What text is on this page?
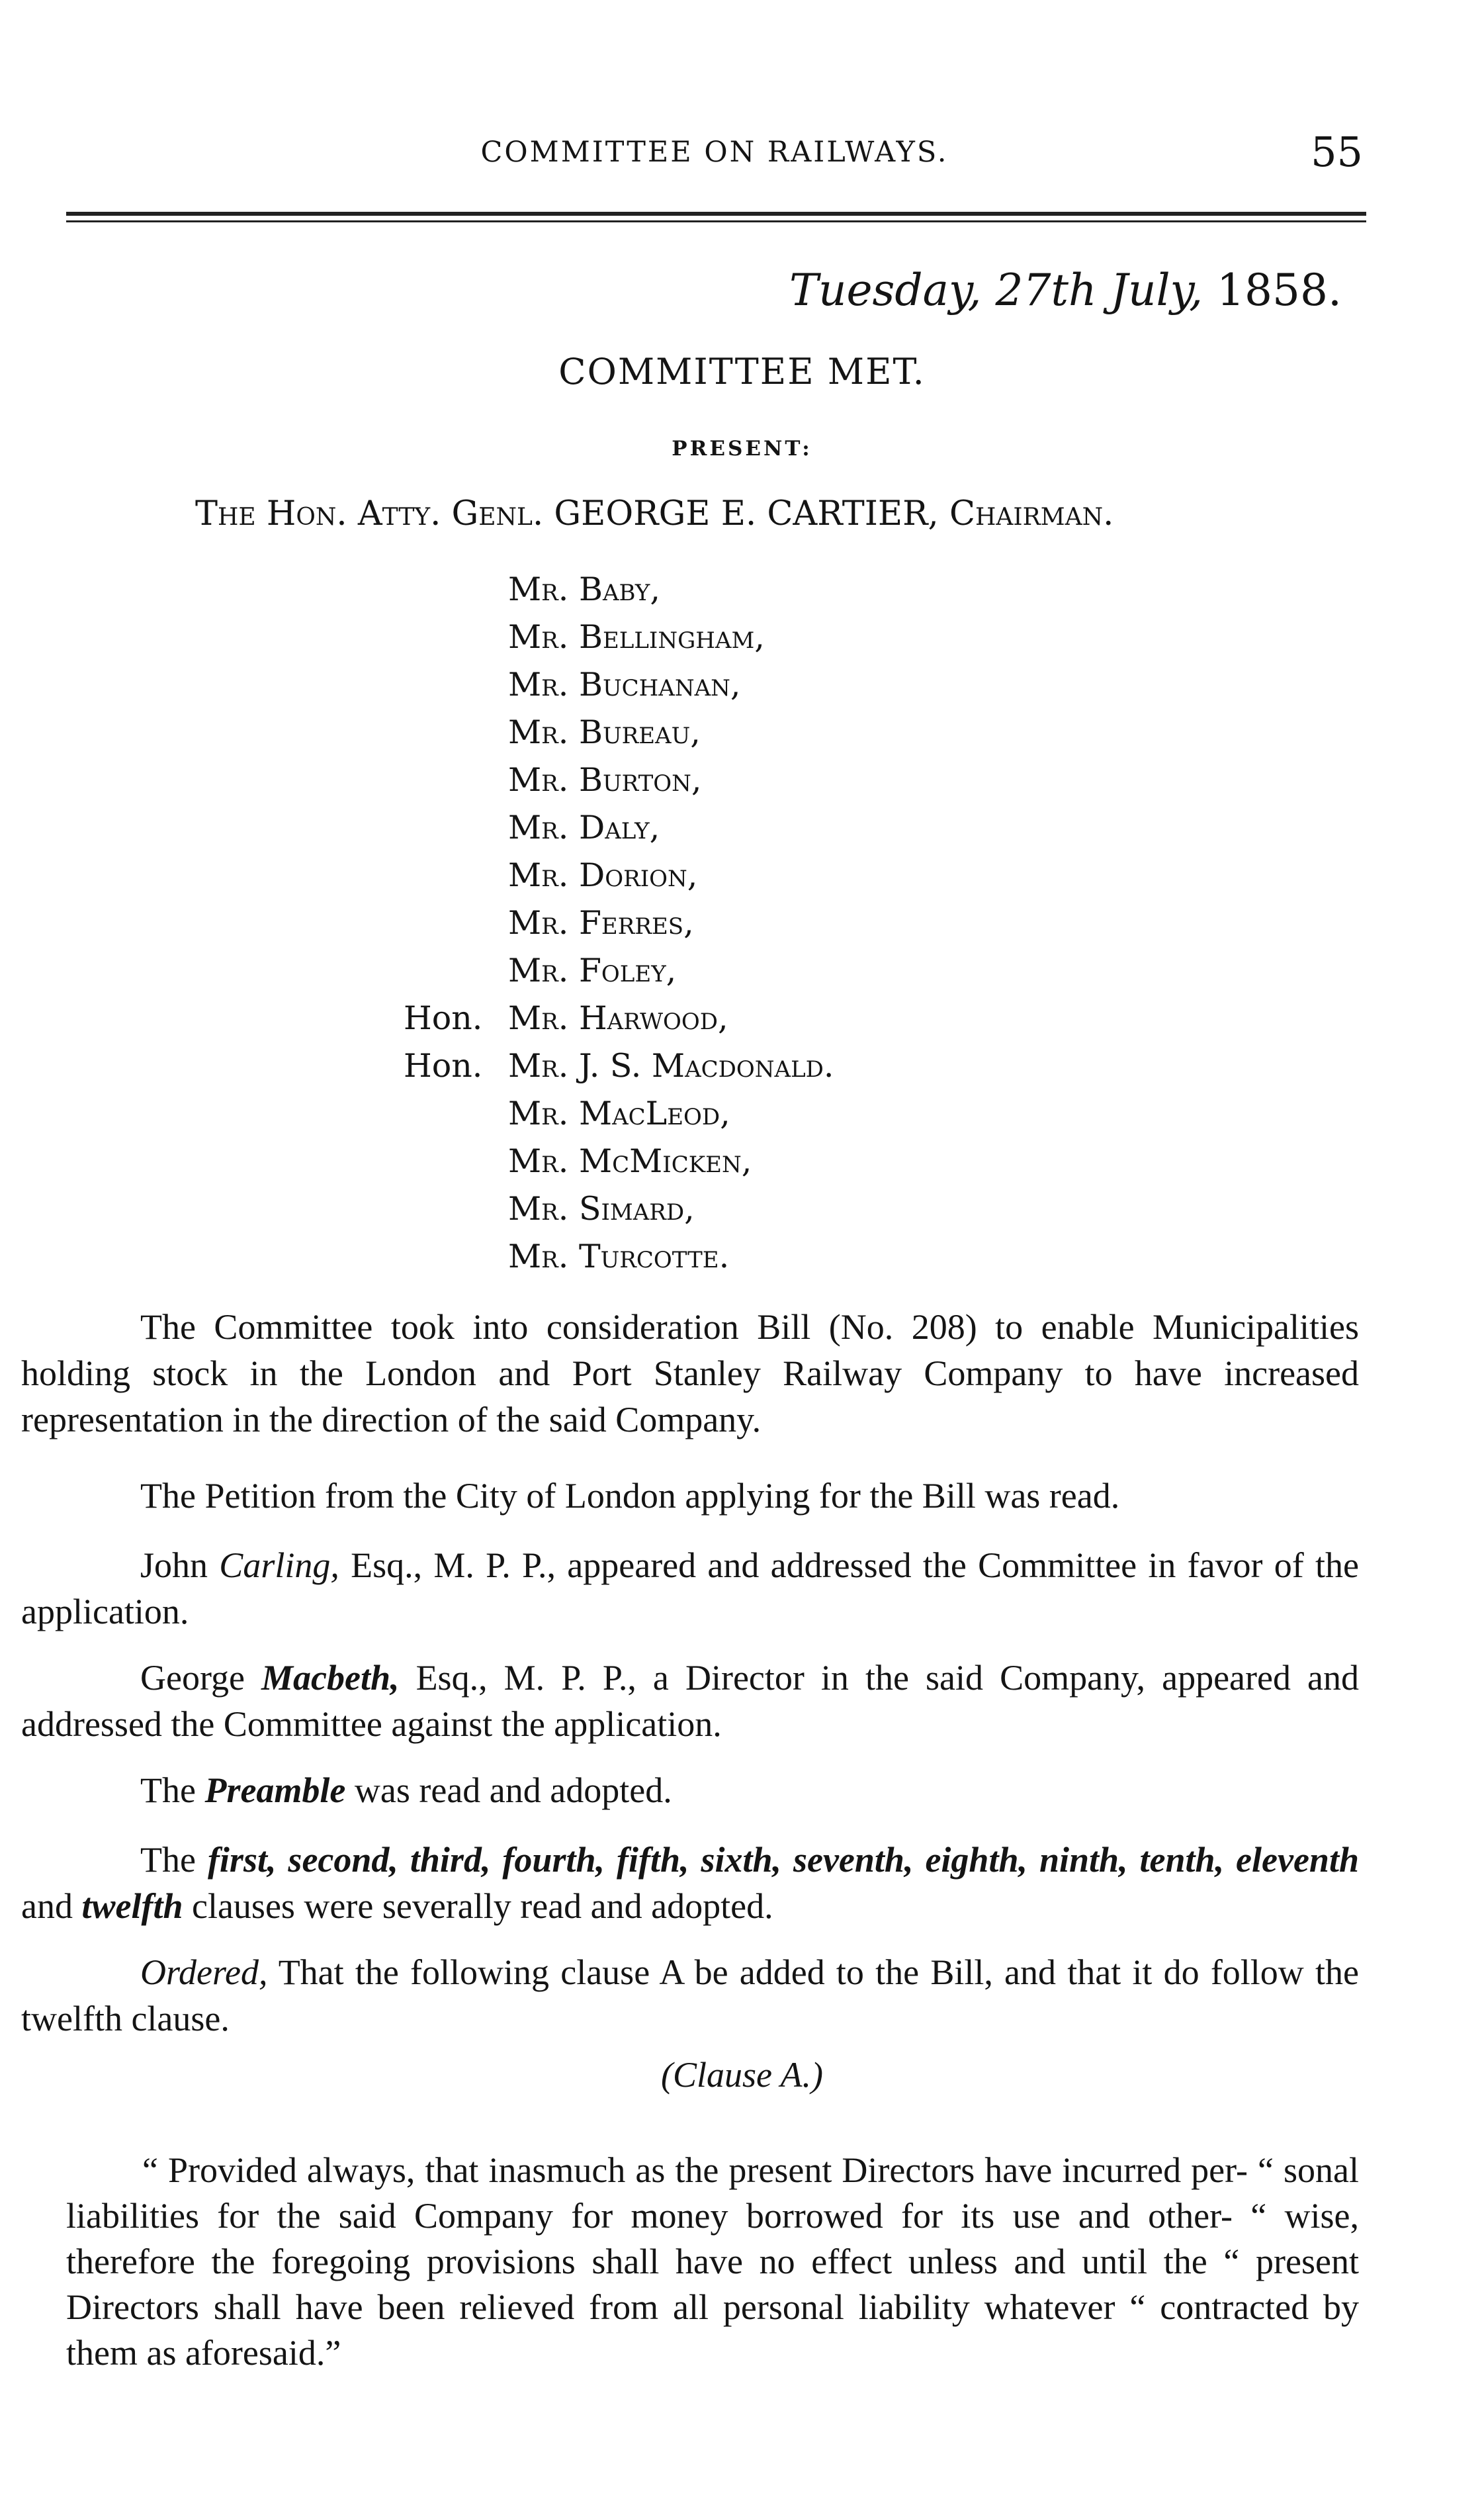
COMMITTEE ON RAILWAYS.	55
Tuesday, 27th July, 1858.
COMMITTEE MET.
PRESENT:
The Hon. Atty. Genl. GEORGE E. CARTIER, Chairman.
Mr. Baby,
Mr. Bellingham,
Mr. Buchanan,
Mr. Bureau,
Mr. Burton,
Mr. Daly,
Mr. Dorion,
Mr. Ferres,
Mr. Foley,
Hon. Mr. Harwood,
Hon. Mr. J. S. Macdonald.
Mr. MacLeod,
Mr. McMicken,
Mr. Simard,
Mr. Turcotte.

The Committee took into consideration Bill (No. 208) to enable Municipalities holding stock in the London and Port Stanley Railway Company to have increased representation in the direction of the said Company.

The Petition from the City of London applying for the Bill was read.

John Carling, Esq., M. P. P., appeared and addressed the Committee in favor of the application.

George Macbeth, Esq., M. P. P., a Director in the said Company, appeared and addressed the Committee against the application.

The Preamble was read and adopted.

The first, second, third, fourth, fifth, sixth, seventh, eighth, ninth, tenth, eleventh and twelfth clauses were severally read and adopted.

Ordered, That the following clause A be added to the Bill, and that it do follow the twelfth clause.

(Clause A.)

“ Provided always, that inasmuch as the present Directors have incurred per- “ sonal liabilities for the said Company for money borrowed for its use and other- “ wise, therefore the foregoing provisions shall have no effect unless and until the “ present Directors shall have been relieved from all personal liability whatever “ contracted by them as aforesaid.”
